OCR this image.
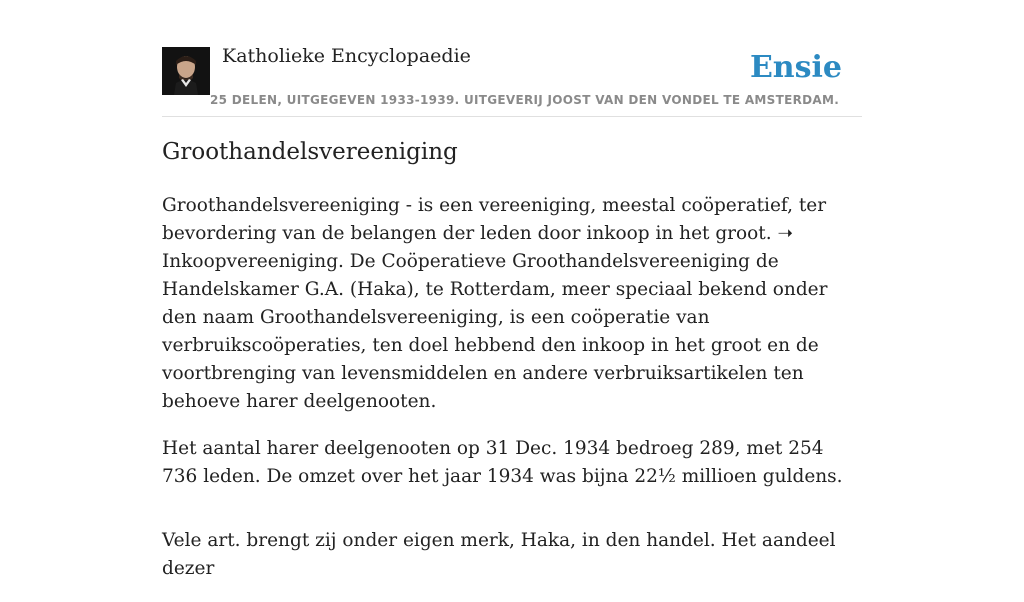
Katholieke Encyclopaedie	Ensie
25 DELEN, UITGEGEVEN 1933-1939. UITGEVERIJ JOOST VAN DEN VONDEL TE AMSTERDAM.
Groothandelsvereeniging

Groothandelsvereeniging - is een vereeniging, meestal coöperatief, ter bevordering van de belangen der leden door inkoop in het groot. ➝ Inkoopvereeniging. De Coöperatieve Groothandelsvereeniging de Handelskamer G.A. (Haka), te Rotterdam, meer speciaal bekend onder den naam Groothandelsvereeniging, is een coöperatie van verbruikscoöperaties, ten doel hebbend den inkoop in het groot en de voortbrenging van levensmiddelen en andere verbruiksartikelen ten behoeve harer deelgenooten.

Het aantal harer deelgenooten op 31 Dec. 1934 bedroeg 289, met 254 736 leden. De omzet over het jaar 1934 was bijna 22½ millioen guldens.

Vele art. brengt zij onder eigen merk, Haka, in den handel. Het aandeel dezer
